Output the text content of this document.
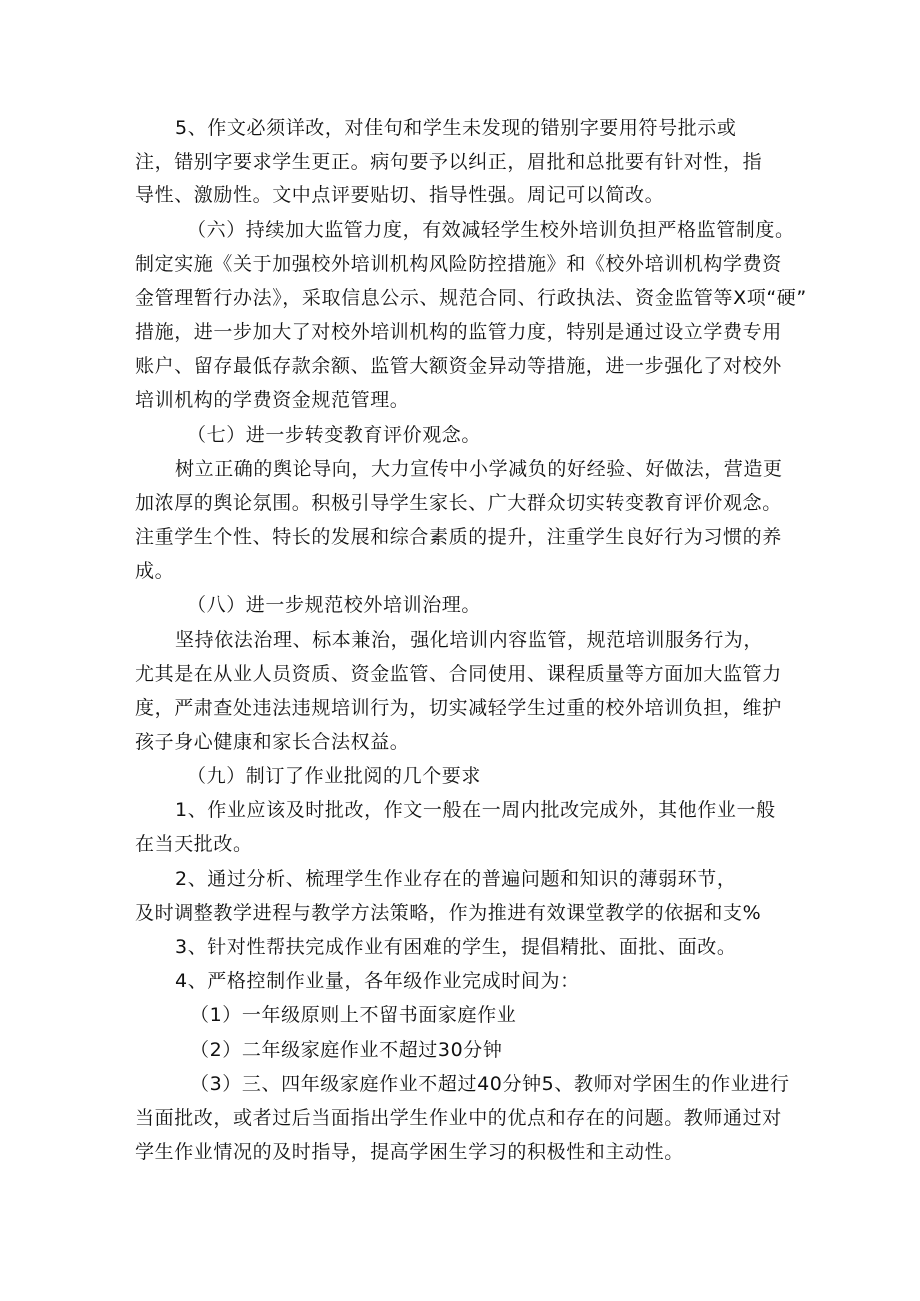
5、作文必须详改，对佳句和学生未发现的错别字要用符号批示或
注，错别字要求学生更正。病句要予以纠正，眉批和总批要有针对性，指
导性、激励性。文中点评要贴切、指导性强。周记可以简改。
（六）持续加大监管力度，有效减轻学生校外培训负担严格监管制度。
制定实施《关于加强校外培训机构风险防控措施》和《校外培训机构学费资
金管理暂行办法》，采取信息公示、规范合同、行政执法、资金监管等X项“硬”
措施，进一步加大了对校外培训机构的监管力度，特别是通过设立学费专用
账户、留存最低存款余额、监管大额资金异动等措施，进一步强化了对校外
培训机构的学费资金规范管理。
（七）进一步转变教育评价观念。
树立正确的舆论导向，大力宣传中小学减负的好经验、好做法，营造更
加浓厚的舆论氛围。积极引导学生家长、广大群众切实转变教育评价观念。
注重学生个性、特长的发展和综合素质的提升，注重学生良好行为习惯的养
成。
（八）进一步规范校外培训治理。
坚持依法治理、标本兼治，强化培训内容监管，规范培训服务行为，
尤其是在从业人员资质、资金监管、合同使用、课程质量等方面加大监管力
度，严肃查处违法违规培训行为，切实减轻学生过重的校外培训负担，维护
孩子身心健康和家长合法权益。
（九）制订了作业批阅的几个要求
1、作业应该及时批改，作文一般在一周内批改完成外，其他作业一般
在当天批改。
2、通过分析、梳理学生作业存在的普遍问题和知识的薄弱环节，
及时调整教学进程与教学方法策略，作为推进有效课堂教学的依据和支%
3、针对性帮扶完成作业有困难的学生，提倡精批、面批、面改。
4、严格控制作业量，各年级作业完成时间为：
（1）一年级原则上不留书面家庭作业
（2）二年级家庭作业不超过30分钟
（3）三、四年级家庭作业不超过40分钟5、教师对学困生的作业进行
当面批改，或者过后当面指出学生作业中的优点和存在的问题。教师通过对
学生作业情况的及时指导，提高学困生学习的积极性和主动性。
